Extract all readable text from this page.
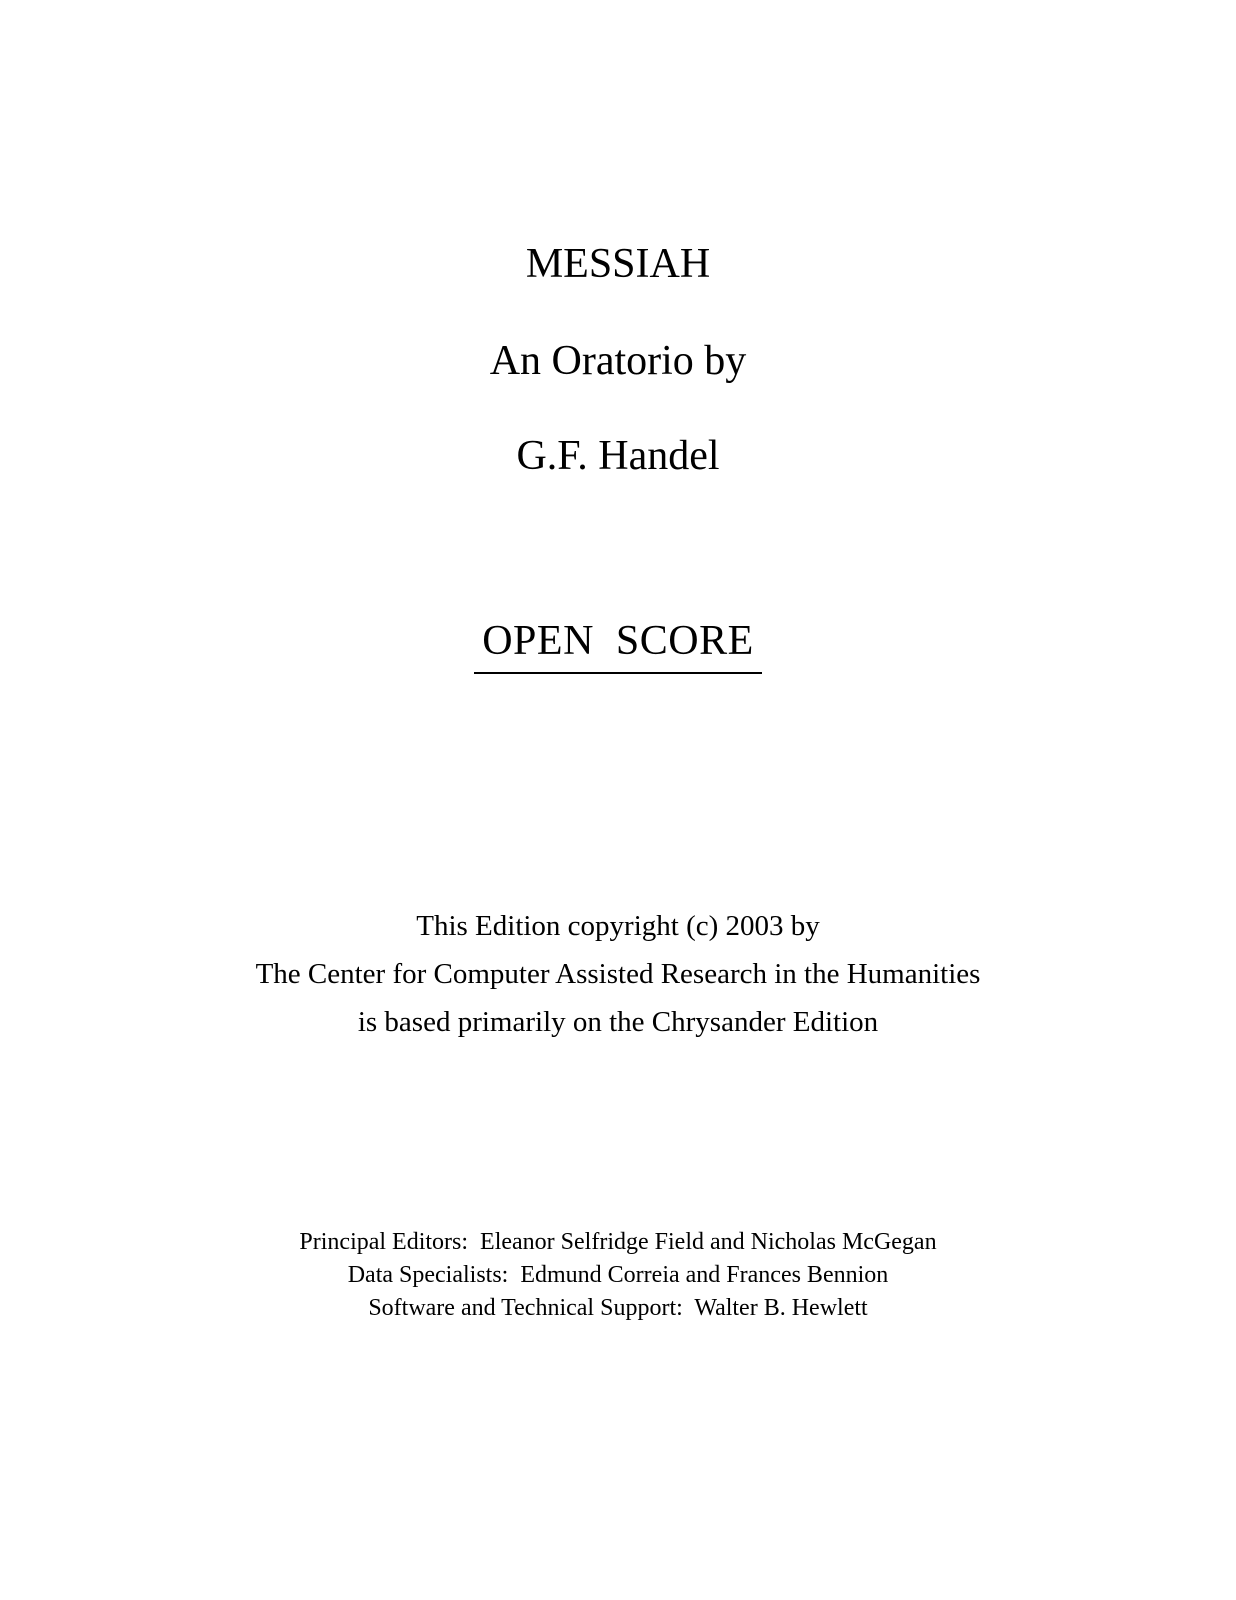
MESSIAH
An Oratorio by
G.F. Handel
OPEN  SCORE
This Edition copyright (c) 2003 by
The Center for Computer Assisted Research in the Humanities
is based primarily on the Chrysander Edition
Principal Editors:  Eleanor Selfridge Field and Nicholas McGegan
Data Specialists:  Edmund Correia and Frances Bennion
Software and Technical Support:  Walter B. Hewlett
